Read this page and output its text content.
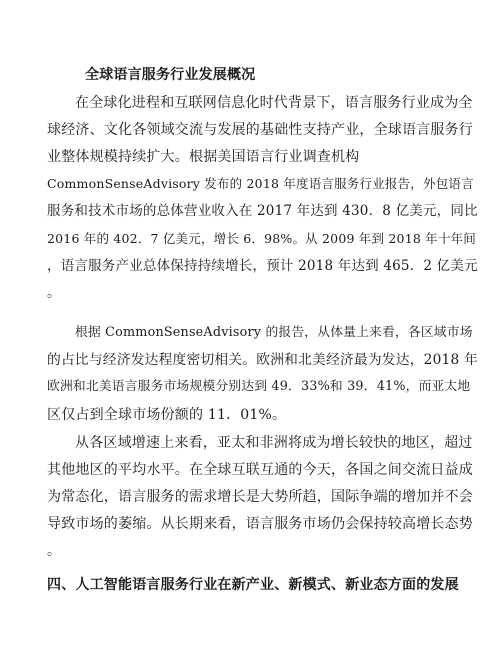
全球语言服务行业发展概况
在全球化进程和互联网信息化时代背景下，语言服务行业成为全
球经济、文化各领域交流与发展的基础性支持产业，全球语言服务行
业整体规模持续扩大。根据美国语言行业调查机构
CommonSenseAdvisory 发布的 2018 年度语言服务行业报告，外包语言
服务和技术市场的总体营业收入在 2017 年达到 430．8 亿美元，同比
2016 年的 402．7 亿美元，增长 6．98%。从 2009 年到 2018 年十年间
，语言服务产业总体保持持续增长，预计 2018 年达到 465．2 亿美元
。
根据 CommonSenseAdvisory 的报告，从体量上来看，各区域市场
的占比与经济发达程度密切相关。欧洲和北美经济最为发达，2018 年
欧洲和北美语言服务市场规模分别达到 49．33%和 39．41%，而亚太地
区仅占到全球市场份额的 11．01%。
从各区域增速上来看，亚太和非洲将成为增长较快的地区，超过
其他地区的平均水平。在全球互联互通的今天，各国之间交流日益成
为常态化，语言服务的需求增长是大势所趋，国际争端的增加并不会
导致市场的萎缩。从长期来看，语言服务市场仍会保持较高增长态势
。
四、人工智能语言服务行业在新产业、新模式、新业态方面的发展
